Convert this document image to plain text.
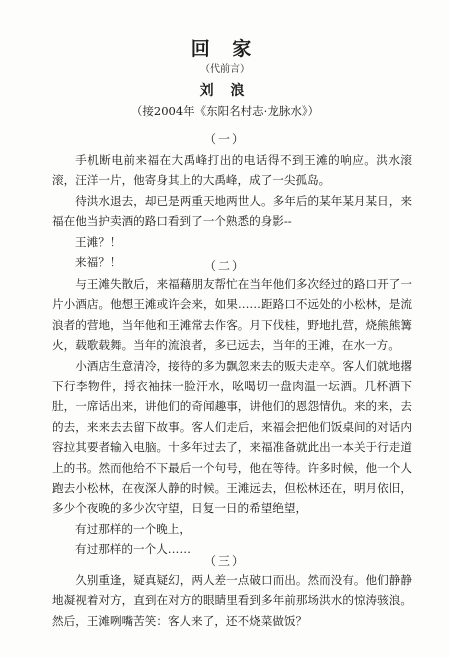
回 家
（代前言）
刘 浪
（接2004年《东阳名村志·龙脉水》）
（一）

手机断电前来福在大禹峰打出的电话得不到王滩的响应。洪水滚滚，汪洋一片，他寄身其上的大禹峰，成了一尖孤岛。

待洪水退去，却已是两重天地两世人。多年后的某年某月某日，来福在他当护卖酒的路口看到了一个熟悉的身影--

王滩？！

来福？！	（二）

与王滩失散后，来福藉朋友帮忙在当年他们多次经过的路口开了一片小酒店。他想王滩或许会来，如果……距路口不远处的小松林，是流浪者的营地，当年他和王滩常去作客。月下伐桂，野地扎营，烧熊熊篝火，载歌载舞。当年的流浪者，多已远去，当年的王滩，在水一方。

小酒店生意清冷，接待的多为飘忽来去的贩夫走卒。客人们就地撂下行李物件，捋衣袖抹一脸汗水，吆喝切一盘肉温一坛酒。几杯酒下肚，一席话出来，讲他们的奇闻趣事，讲他们的恩怨情仇。来的来，去的去，来来去去留下故事。客人们走后，来福会把他们饭桌间的对话内容拉其要者输入电脑。十多年过去了，来福准备就此出一本关于行走道上的书。然而他给不下最后一个句号，他在等待。许多时候，他一个人跑去小松林，在夜深人静的时候。王滩远去，但松林还在，明月依旧，多少个夜晚的多少次守望，日复一日的希望绝望，

有过那样的一个晚上，

有过那样的一个人……

（三）

久别重逢，疑真疑幻，两人差一点破口而出。然而没有。他们静静地凝视着对方，直到在对方的眼睛里看到多年前那场洪水的惊涛骇浪。然后，王滩咧嘴苦笑：客人来了，还不烧菜做饭？
